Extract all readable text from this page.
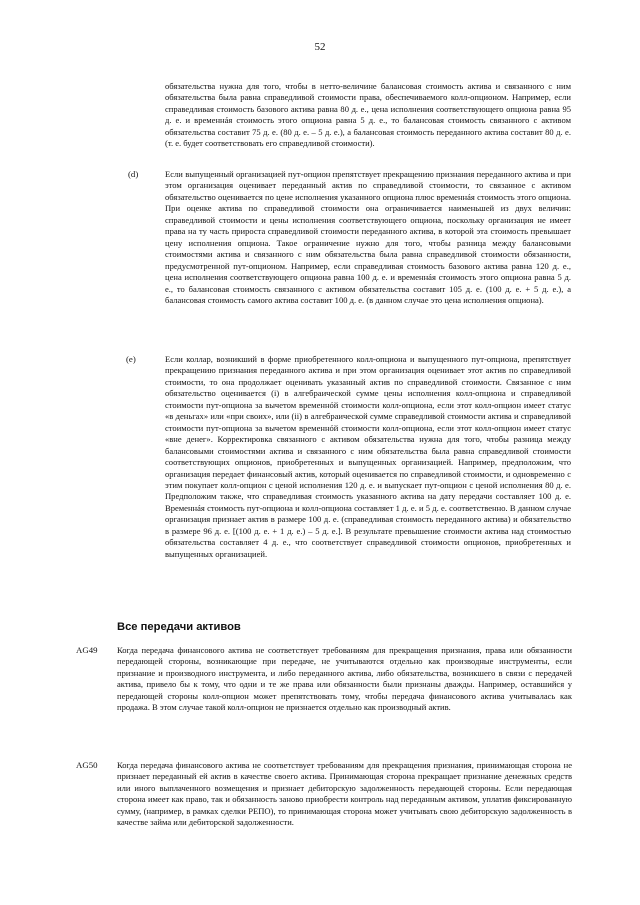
52

обязательства нужна для того, чтобы в нетто-величине балансовая стоимость актива и связанного с ним обязательства была равна справедливой стоимости права, обеспечиваемого колл-опционом. Например, если справедливая стоимость базового актива равна 80 д. е., цена исполнения соответствующего опциона равна 95 д. е. и временнáя стоимость этого опциона равна 5 д. е., то балансовая стоимость связанного с активом обязательства составит 75 д. е. (80 д. е. – 5 д. е.), а балансовая стоимость переданного актива составит 80 д. е. (т. е. будет соответствовать его справедливой стоимости).

(d)	Если выпущенный организацией пут-опцион препятствует прекращению признания переданного актива и при этом организация оценивает переданный актив по справедливой стоимости, то связанное с активом обязательство оценивается по цене исполнения указанного опциона плюс временнáя стоимость этого опциона. При оценке актива по справедливой стоимости она ограничивается наименьшей из двух величин: справедливой стоимости и цены исполнения соответствующего опциона, поскольку организация не имеет права на ту часть прироста справедливой стоимости переданного актива, в которой эта стоимость превышает цену исполнения опциона. Такое ограничение нужно для того, чтобы разница между балансовыми стоимостями актива и связанного с ним обязательства была равна справедливой стоимости обязанности, предусмотренной пут-опционом. Например, если справедливая стоимость базового актива равна 120 д. е., цена исполнения соответствующего опциона равна 100 д. е. и временнáя стоимость этого опциона равна 5 д. е., то балансовая стоимость связанного с активом обязательства составит 105 д. е. (100 д. е. + 5 д. е.), а балансовая стоимость самого актива составит 100 д. е. (в данном случае это цена исполнения опциона).

(e)	Если коллар, возникший в форме приобретенного колл-опциона и выпущенного пут-опциона, препятствует прекращению признания переданного актива и при этом организация оценивает этот актив по справедливой стоимости, то она продолжает оценивать указанный актив по справедливой стоимости. Связанное с ним обязательство оценивается (i) в алгебраической сумме цены исполнения колл-опциона и справедливой стоимости пут-опциона за вычетом временнóй стоимости колл-опциона, если этот колл-опцион имеет статус «в деньгах» или «при своих», или (ii) в алгебраической сумме справедливой стоимости актива и справедливой стоимости пут-опциона за вычетом временнóй стоимости колл-опциона, если этот колл-опцион имеет статус «вне денег». Корректировка связанного с активом обязательства нужна для того, чтобы разница между балансовыми стоимостями актива и связанного с ним обязательства была равна справедливой стоимости соответствующих опционов, приобретенных и выпущенных организацией. Например, предположим, что организация передает финансовый актив, который оценивается по справедливой стоимости, и одновременно с этим покупает колл-опцион с ценой исполнения 120 д. е. и выпускает пут-опцион с ценой исполнения 80 д. е. Предположим также, что справедливая стоимость указанного актива на дату передачи составляет 100 д. е. Временнáя стоимость пут-опциона и колл-опциона составляет 1 д. е. и 5 д. е. соответственно. В данном случае организация признает актив в размере 100 д. е. (справедливая стоимость переданного актива) и обязательство в размере 96 д. е. [(100 д. е. + 1 д. е.) – 5 д. е.]. В результате превышение стоимости актива над стоимостью обязательства составляет 4 д. е., что соответствует справедливой стоимости опционов, приобретенных и выпущенных организацией.

Все передачи активов
AG49 Когда передача финансового актива не соответствует требованиям для прекращения признания, права или обязанности передающей стороны, возникающие при передаче, не учитываются отдельно как производные инструменты, если признание и производного инструмента, и либо переданного актива, либо обязательства, возникшего в связи с передачей актива, привело бы к тому, что одни и те же права или обязанности были признаны дважды. Например, оставшийся у передающей стороны колл-опцион может препятствовать тому, чтобы передача финансового актива учитывалась как продажа. В этом случае такой колл-опцион не признается отдельно как производный актив.

AG50 Когда передача финансового актива не соответствует требованиям для прекращения признания, принимающая сторона не признает переданный ей актив в качестве своего актива. Принимающая сторона прекращает признание денежных средств или иного выплаченного возмещения и признает дебиторскую задолженность передающей стороны. Если передающая сторона имеет как право, так и обязанность заново приобрести контроль над переданным активом, уплатив фиксированную сумму, (например, в рамках сделки РЕПО), то принимающая сторона может учитывать свою дебиторскую задолженность в качестве займа или дебиторской задолженности.
